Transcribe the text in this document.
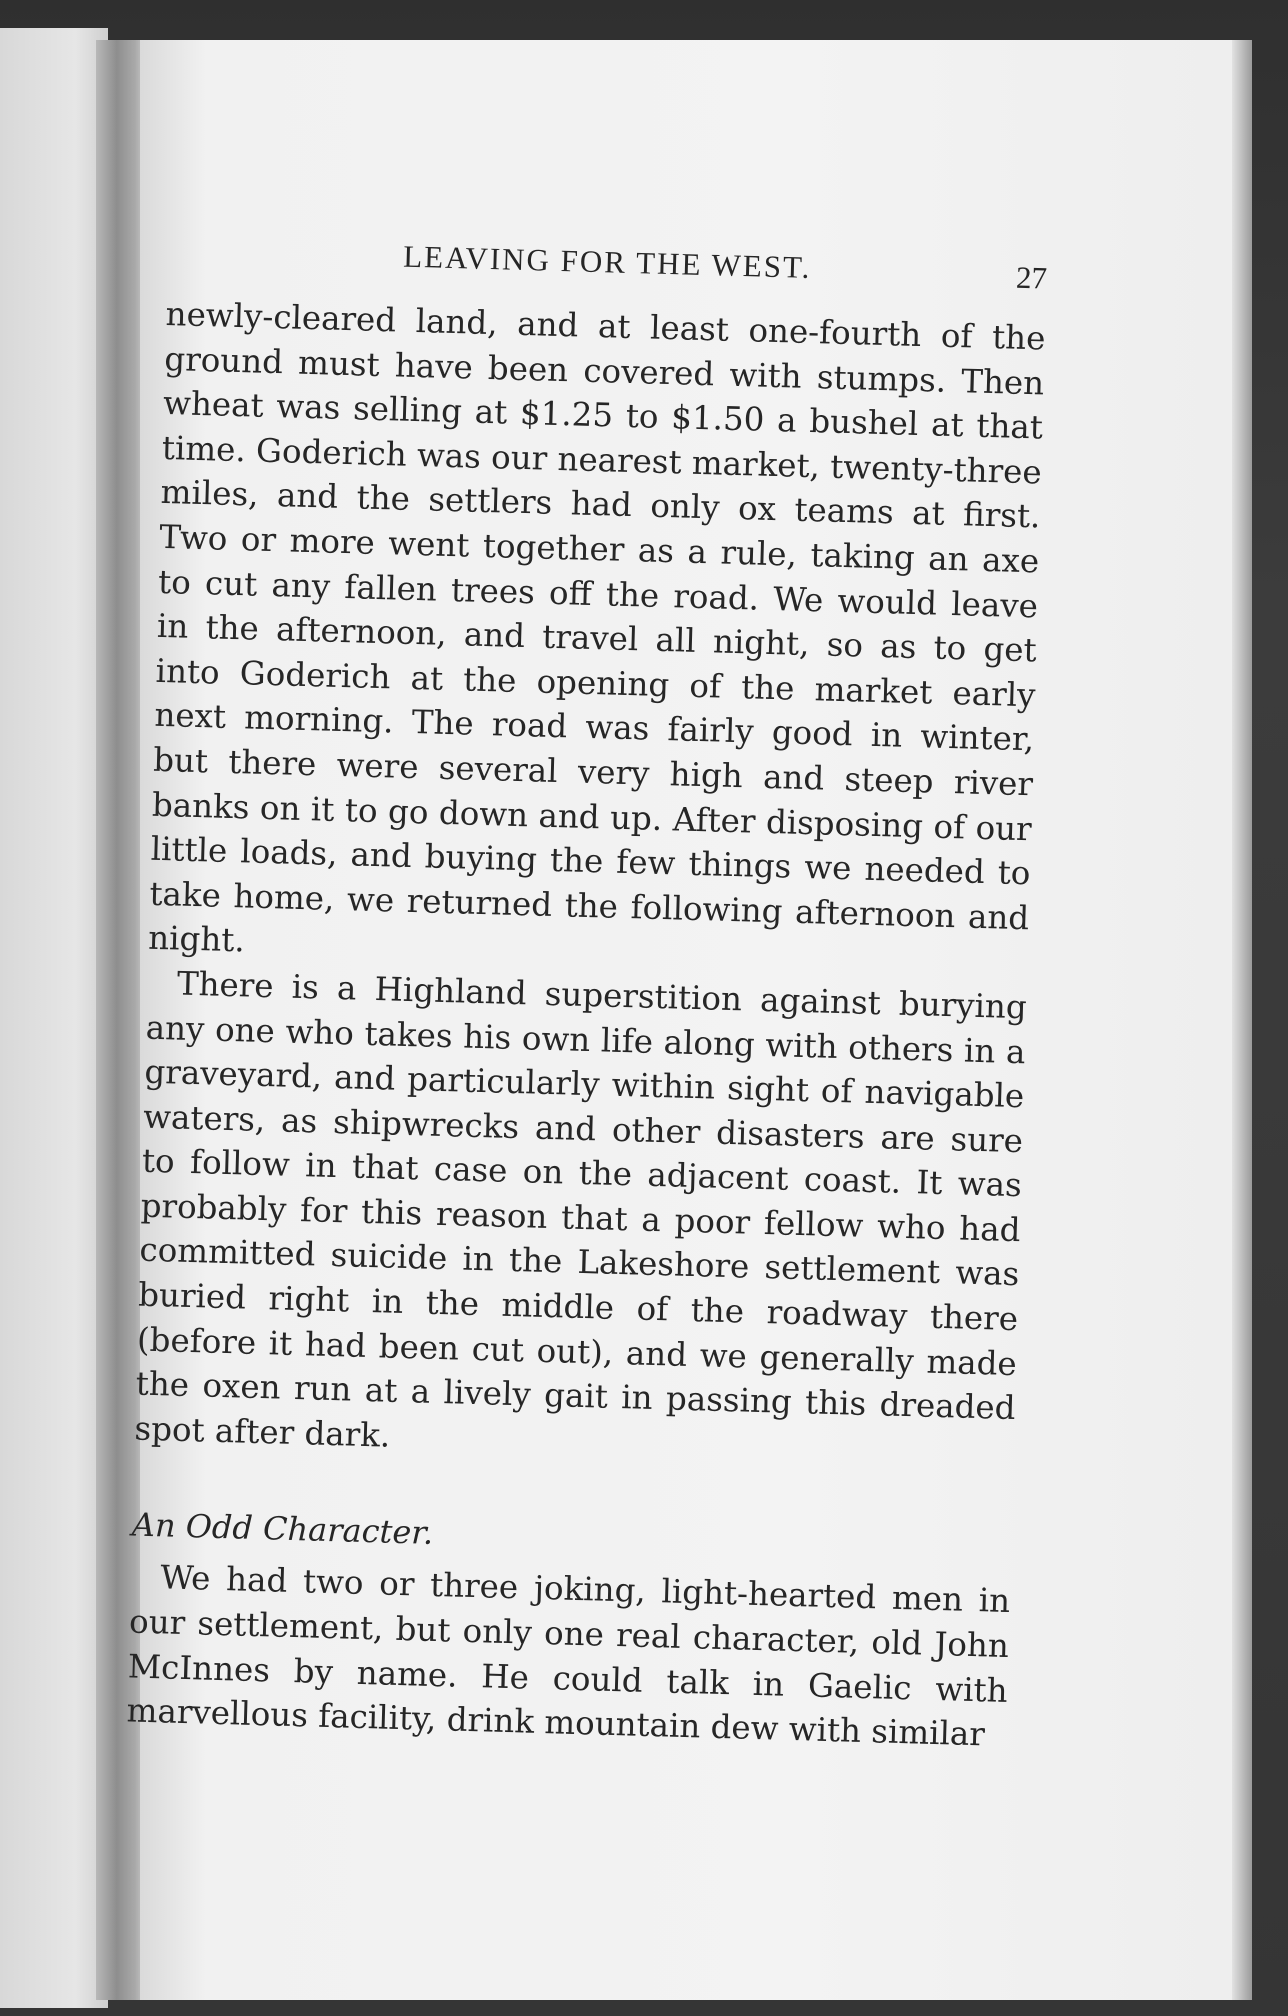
LEAVING FOR THE WEST.	27

newly-cleared land, and at least one-fourth of the ground must have been covered with stumps. Then wheat was selling at $1.25 to $1.50 a bushel at that time. Goderich was our nearest market, twenty-three miles, and the settlers had only ox teams at first. Two or more went together as a rule, taking an axe to cut any fallen trees off the road. We would leave in the afternoon, and travel all night, so as to get into Goderich at the opening of the market early next morning. The road was fairly good in winter, but there were several very high and steep river banks on it to go down and up. After disposing of our little loads, and buying the few things we needed to take home, we returned the following afternoon and night.

There is a Highland superstition against burying any one who takes his own life along with others in a graveyard, and particularly within sight of navigable waters, as shipwrecks and other disasters are sure to follow in that case on the adjacent coast. It was probably for this reason that a poor fellow who had committed suicide in the Lakeshore settlement was buried right in the middle of the roadway there (before it had been cut out), and we generally made the oxen run at a lively gait in passing this dreaded spot after dark.

An Odd Character.

We had two or three joking, light-hearted men in our settlement, but only one real character, old John McInnes by name. He could talk in Gaelic with marvellous facility, drink mountain dew with similar
